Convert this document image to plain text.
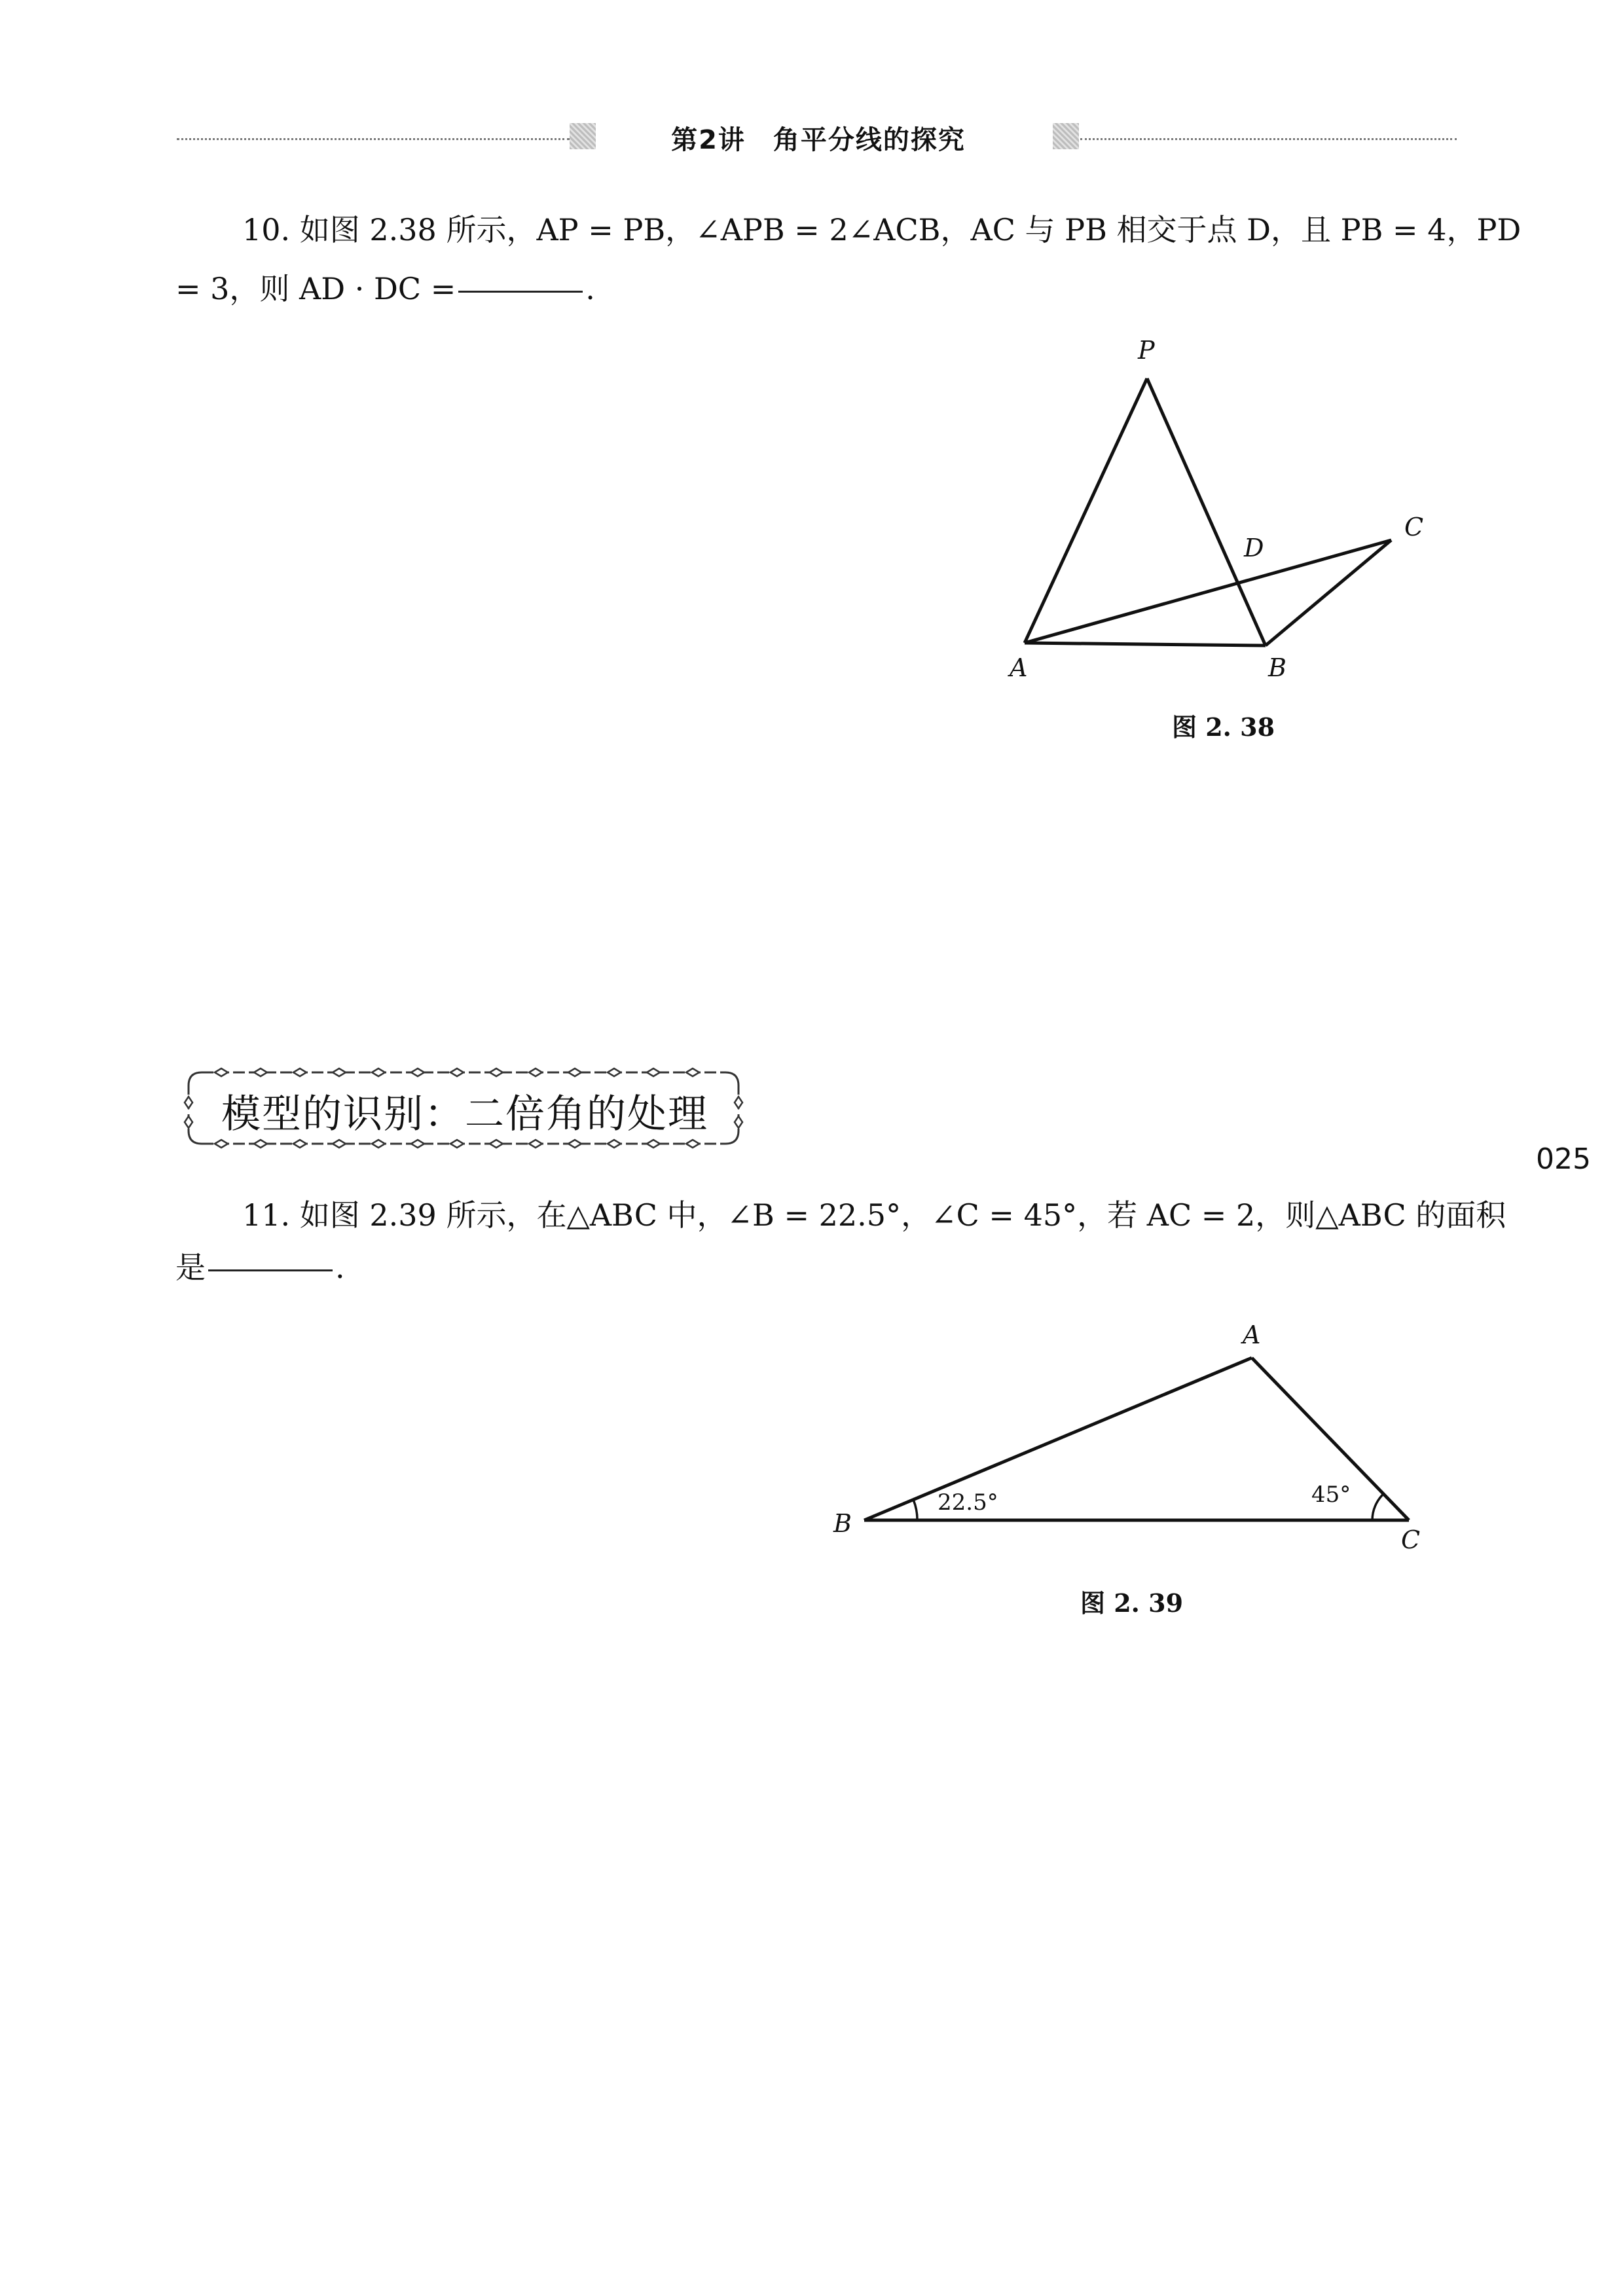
第2讲　角平分线的探究
10. 如图 2.38 所示，AP = PB，∠APB = 2∠ACB，AC 与 PB 相交于点 D，且 PB = 4，PD
= 3，则 AD · DC =	.
P
D
C
A	B
图 2. 38
模型的识别：二倍角的处理
025
11. 如图 2.39 所示，在△ABC 中，∠B = 22.5°，∠C = 45°，若 AC = 2，则△ABC 的面积
是	.
A
B
C
22.5°	45°
图 2. 39
